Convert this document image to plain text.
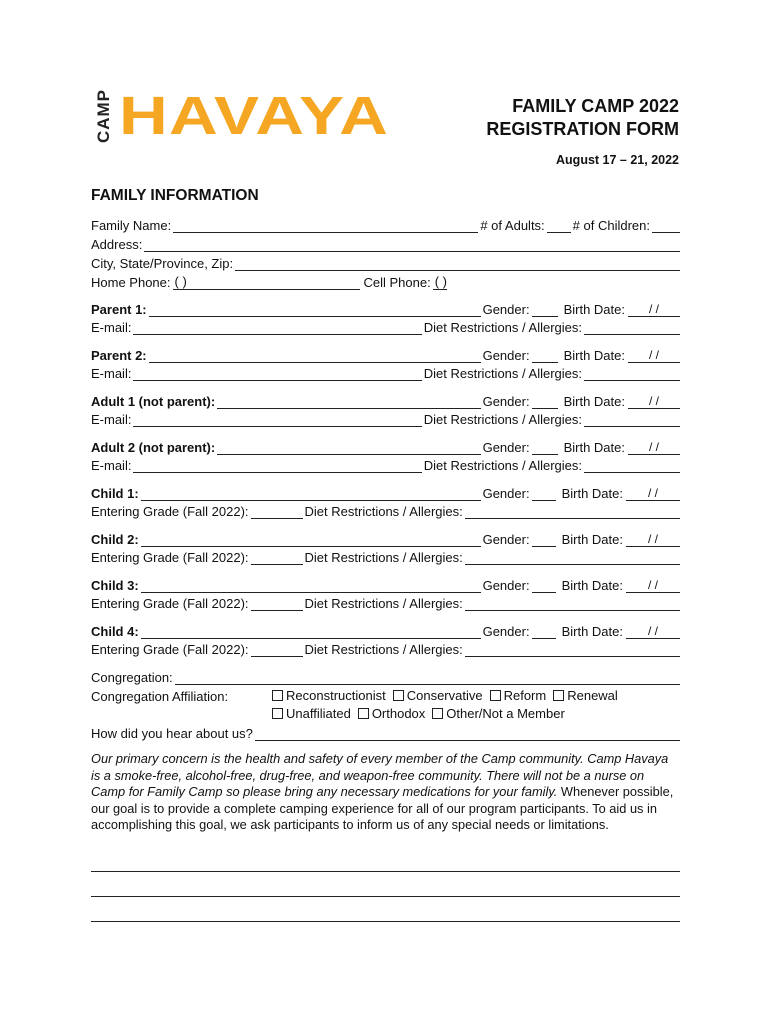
CAMP HAVAYA	FAMILY CAMP 2022
REGISTRATION FORM
August 17 – 21, 2022
FAMILY INFORMATION
Family Name:	# of Adults: # of Children:
Address:
City, State/Province, Zip:
Home Phone: ( )	Cell Phone: ( )
Congregation:
Congregation Affiliation:	Reconstructionist Conservative Reform Renewal
Unaffiliated Orthodox Other/Not a Member
How did you hear about us?
Our primary concern is the health and safety of every member of the Camp community. Camp Havaya is a smoke-free, alcohol-free, drug-free, and weapon-free community. There will not be a nurse on Camp for Family Camp so please bring any necessary medications for your family. Whenever possible, our goal is to provide a complete camping experience for all of our program participants. To aid us in accomplishing this goal, we ask participants to inform us of any special needs or limitations.
Parent 1:	Gender:	Birth Date:	/ /
E-mail:	Diet Restrictions / Allergies:
Parent 2:	Gender:	Birth Date:	/ /
E-mail:	Diet Restrictions / Allergies:
Adult 1 (not parent):	Gender:	Birth Date:	/ /
E-mail:	Diet Restrictions / Allergies:
Adult 2 (not parent):	Gender:	Birth Date:	/ /
E-mail:	Diet Restrictions / Allergies:
Child 1:	Gender: Birth Date:	/ /
Entering Grade (Fall 2022):	Diet Restrictions / Allergies:
Child 2:	Gender: Birth Date:	/ /
Entering Grade (Fall 2022):	Diet Restrictions / Allergies:
Child 3:	Gender: Birth Date:	/ /
Entering Grade (Fall 2022):	Diet Restrictions / Allergies:
Child 4:	Gender: Birth Date:	/ /
Entering Grade (Fall 2022):	Diet Restrictions / Allergies:
